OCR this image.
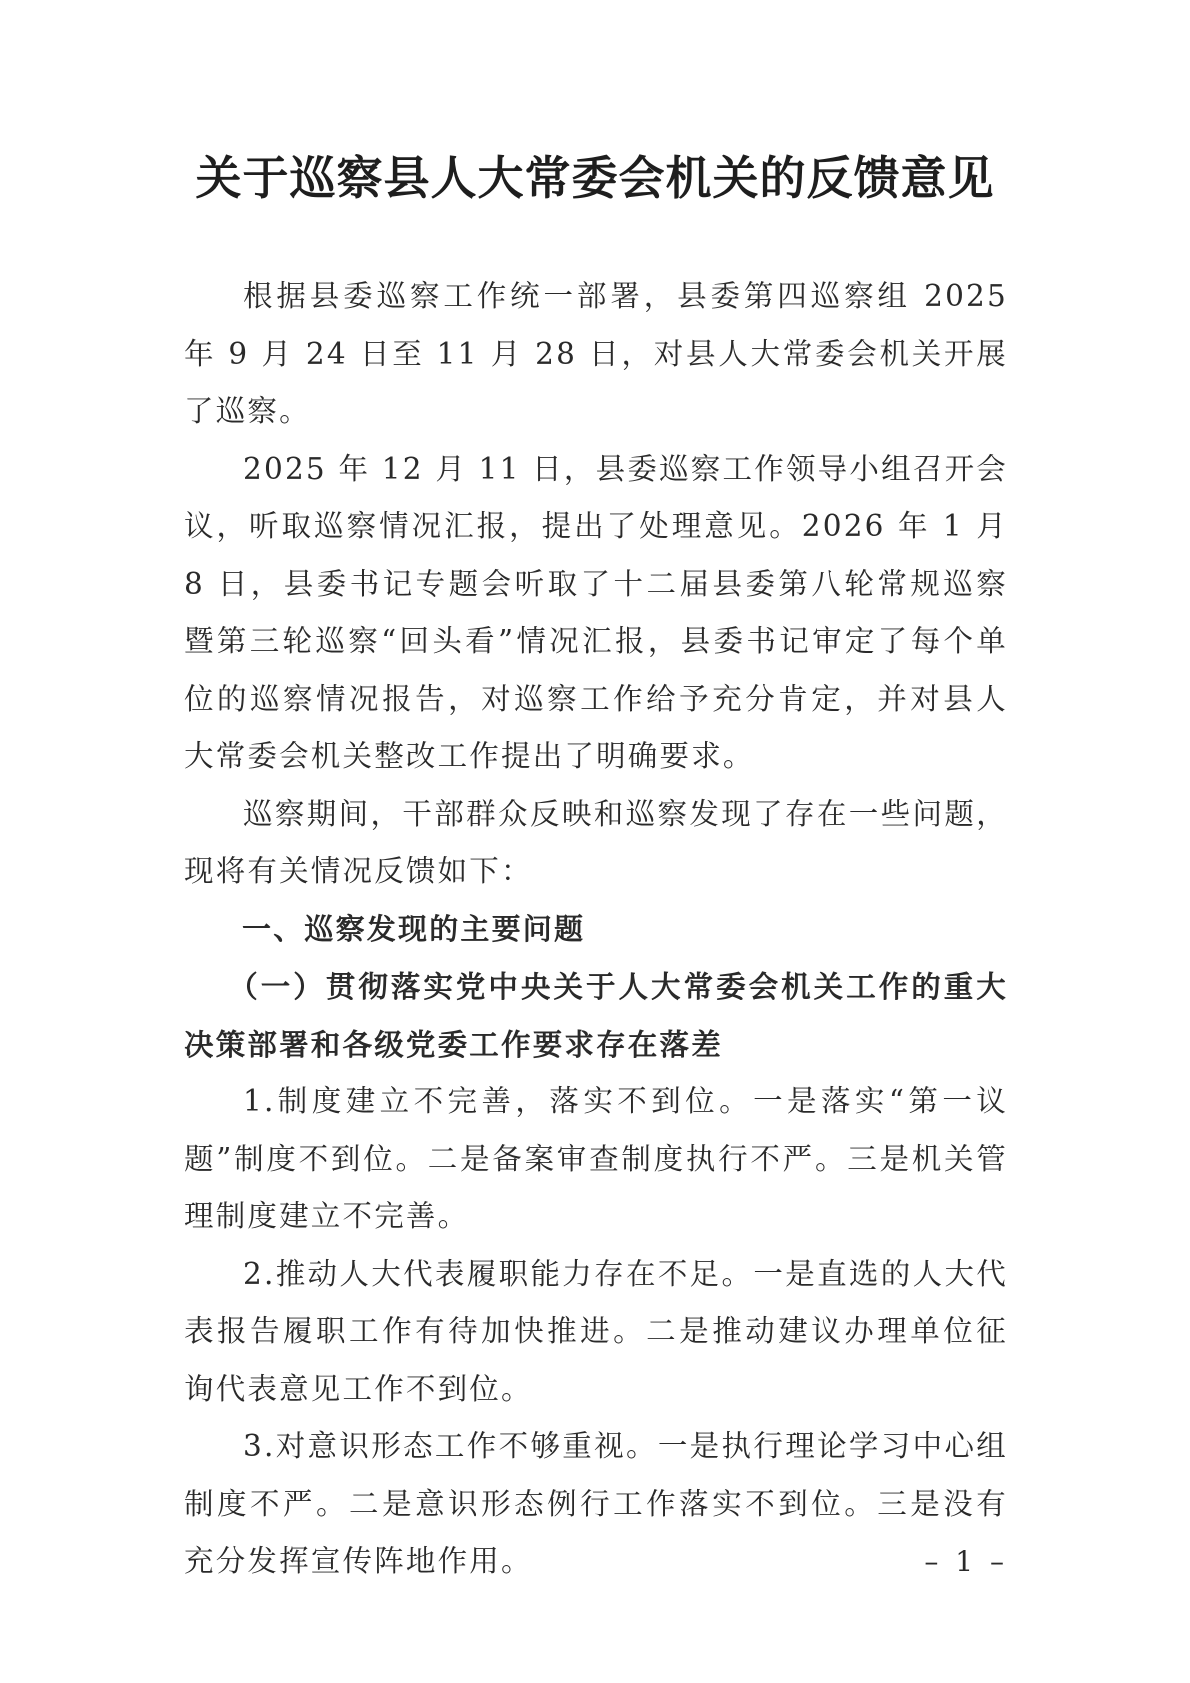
关于巡察县人大常委会机关的反馈意见

根据县委巡察工作统一部署，县委第四巡察组 2025 年 9 月 24 日至 11 月 28 日，对县人大常委会机关开展了巡察。

2025 年 12 月 11 日，县委巡察工作领导小组召开会议，听取巡察情况汇报，提出了处理意见。2026 年 1 月 8 日，县委书记专题会听取了十二届县委第八轮常规巡察暨第三轮巡察“回头看”情况汇报，县委书记审定了每个单位的巡察情况报告，对巡察工作给予充分肯定，并对县人大常委会机关整改工作提出了明确要求。

巡察期间，干部群众反映和巡察发现了存在一些问题，现将有关情况反馈如下：

一、巡察发现的主要问题

（一）贯彻落实党中央关于人大常委会机关工作的重大决策部署和各级党委工作要求存在落差

1.制度建立不完善，落实不到位。一是落实“第一议题”制度不到位。二是备案审查制度执行不严。三是机关管理制度建立不完善。

2.推动人大代表履职能力存在不足。一是直选的人大代表报告履职工作有待加快推进。二是推动建议办理单位征询代表意见工作不到位。

3.对意识形态工作不够重视。一是执行理论学习中心组制度不严。二是意识形态例行工作落实不到位。三是没有充分发挥宣传阵地作用。	– 1 –
